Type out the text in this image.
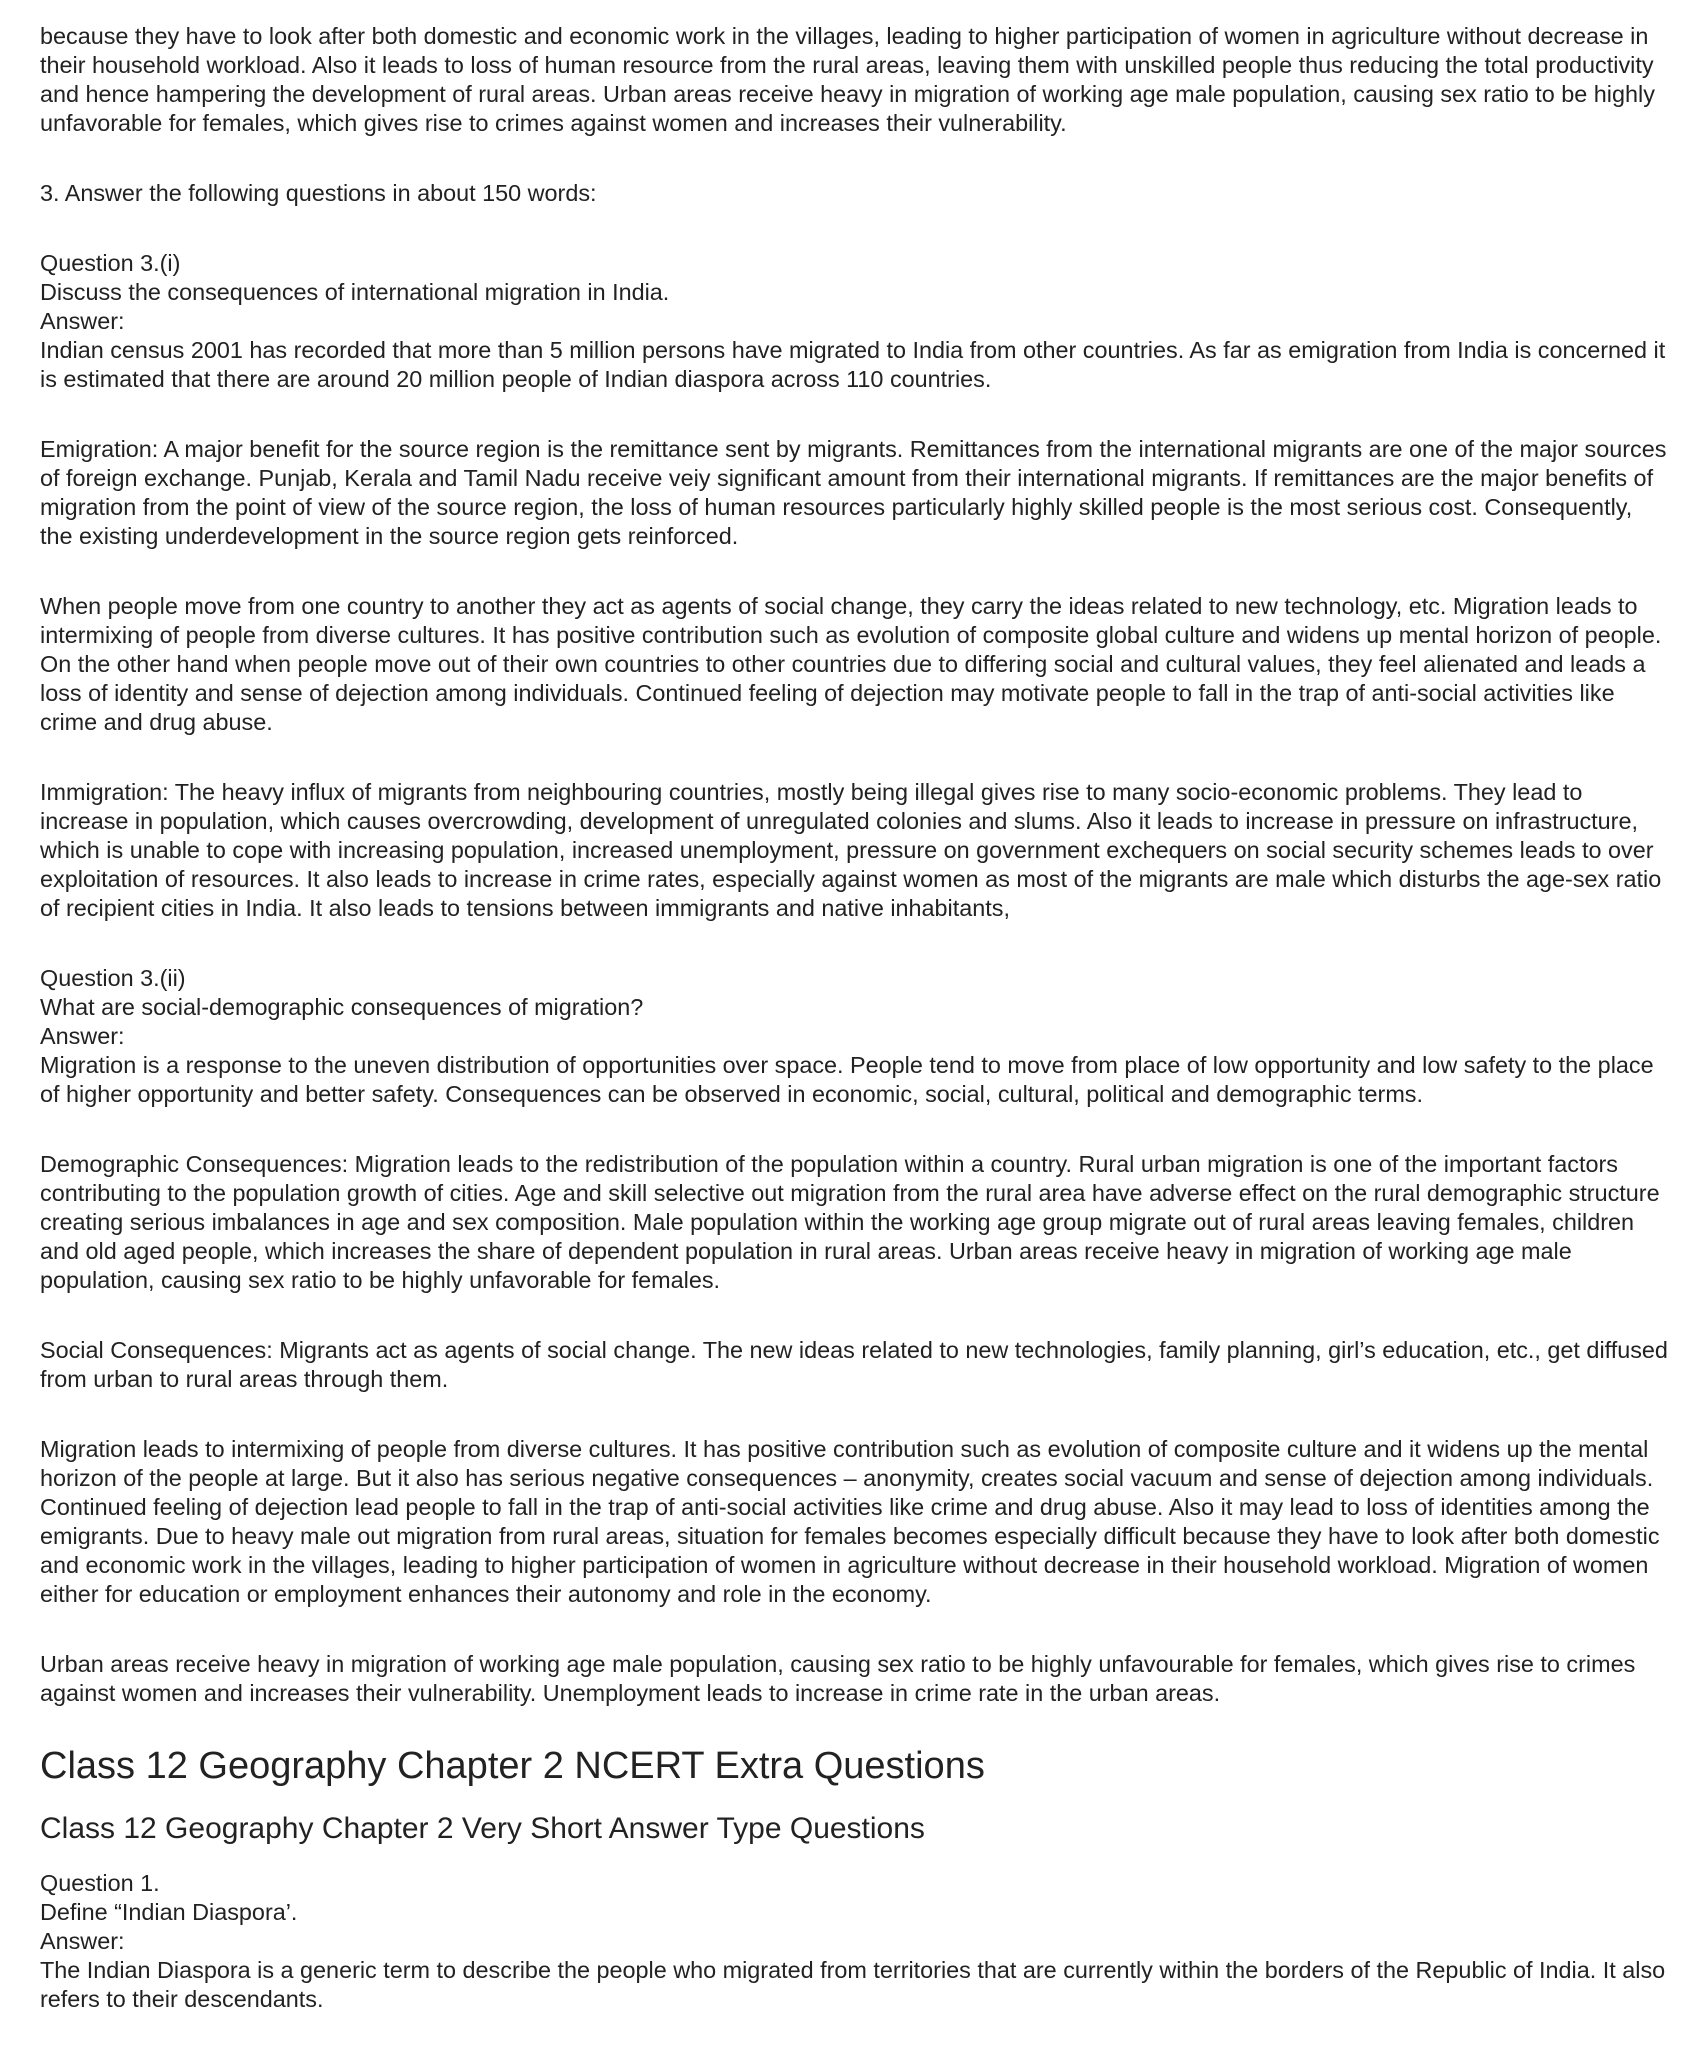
because they have to look after both domestic and economic work in the villages, leading to higher participation of women in agriculture without decrease in their household workload. Also it leads to loss of human resource from the rural areas, leaving them with unskilled people thus reducing the total productivity and hence hampering the development of rural areas. Urban areas receive heavy in migration of working age male population, causing sex ratio to be highly unfavorable for females, which gives rise to crimes against women and increases their vulnerability.

3. Answer the following questions in about 150 words:

Question 3.(i)
Discuss the consequences of international migration in India.
Answer:
Indian census 2001 has recorded that more than 5 million persons have migrated to India from other countries. As far as emigration from India is concerned it is estimated that there are around 20 million people of Indian diaspora across 110 countries.

Emigration: A major benefit for the source region is the remittance sent by migrants. Remittances from the international migrants are one of the major sources of foreign exchange. Punjab, Kerala and Tamil Nadu receive veiy significant amount from their international migrants. If remittances are the major benefits of migration from the point of view of the source region, the loss of human resources particularly highly skilled people is the most serious cost. Consequently, the existing underdevelopment in the source region gets reinforced.

When people move from one country to another they act as agents of social change, they carry the ideas related to new technology, etc. Migration leads to intermixing of people from diverse cultures. It has positive contribution such as evolution of composite global culture and widens up mental horizon of people. On the other hand when people move out of their own countries to other countries due to differing social and cultural values, they feel alienated and leads a loss of identity and sense of dejection among individuals. Continued feeling of dejection may motivate people to fall in the trap of anti-social activities like crime and drug abuse.

Immigration: The heavy influx of migrants from neighbouring countries, mostly being illegal gives rise to many socio-economic problems. They lead to increase in population, which causes overcrowding, development of unregulated colonies and slums. Also it leads to increase in pressure on infrastructure, which is unable to cope with increasing population, increased unemployment, pressure on government exchequers on social security schemes leads to over exploitation of resources. It also leads to increase in crime rates, especially against women as most of the migrants are male which disturbs the age-sex ratio of recipient cities in India. It also leads to tensions between immigrants and native inhabitants,

Question 3.(ii)
What are social-demographic consequences of migration?
Answer:
Migration is a response to the uneven distribution of opportunities over space. People tend to move from place of low opportunity and low safety to the place of higher opportunity and better safety. Consequences can be observed in economic, social, cultural, political and demographic terms.

Demographic Consequences: Migration leads to the redistribution of the population within a country. Rural urban migration is one of the important factors contributing to the population growth of cities. Age and skill selective out migration from the rural area have adverse effect on the rural demographic structure creating serious imbalances in age and sex composition. Male population within the working age group migrate out of rural areas leaving females, children and old aged people, which increases the share of dependent population in rural areas. Urban areas receive heavy in migration of working age male population, causing sex ratio to be highly unfavorable for females.

Social Consequences: Migrants act as agents of social change. The new ideas related to new technologies, family planning, girl’s education, etc., get diffused from urban to rural areas through them.

Migration leads to intermixing of people from diverse cultures. It has positive contribution such as evolution of composite culture and it widens up the mental horizon of the people at large. But it also has serious negative consequences – anonymity, creates social vacuum and sense of dejection among individuals. Continued feeling of dejection lead people to fall in the trap of anti-social activities like crime and drug abuse. Also it may lead to loss of identities among the emigrants. Due to heavy male out migration from rural areas, situation for females becomes especially difficult because they have to look after both domestic and economic work in the villages, leading to higher participation of women in agriculture without decrease in their household workload. Migration of women either for education or employment enhances their autonomy and role in the economy.

Urban areas receive heavy in migration of working age male population, causing sex ratio to be highly unfavourable for females, which gives rise to crimes against women and increases their vulnerability. Unemployment leads to increase in crime rate in the urban areas.

Class 12 Geography Chapter 2 NCERT Extra Questions
Class 12 Geography Chapter 2 Very Short Answer Type Questions
Question 1.
Define “Indian Diaspora’.
Answer:
The Indian Diaspora is a generic term to describe the people who migrated from territories that are currently within the borders of the Republic of India. It also refers to their descendants.
